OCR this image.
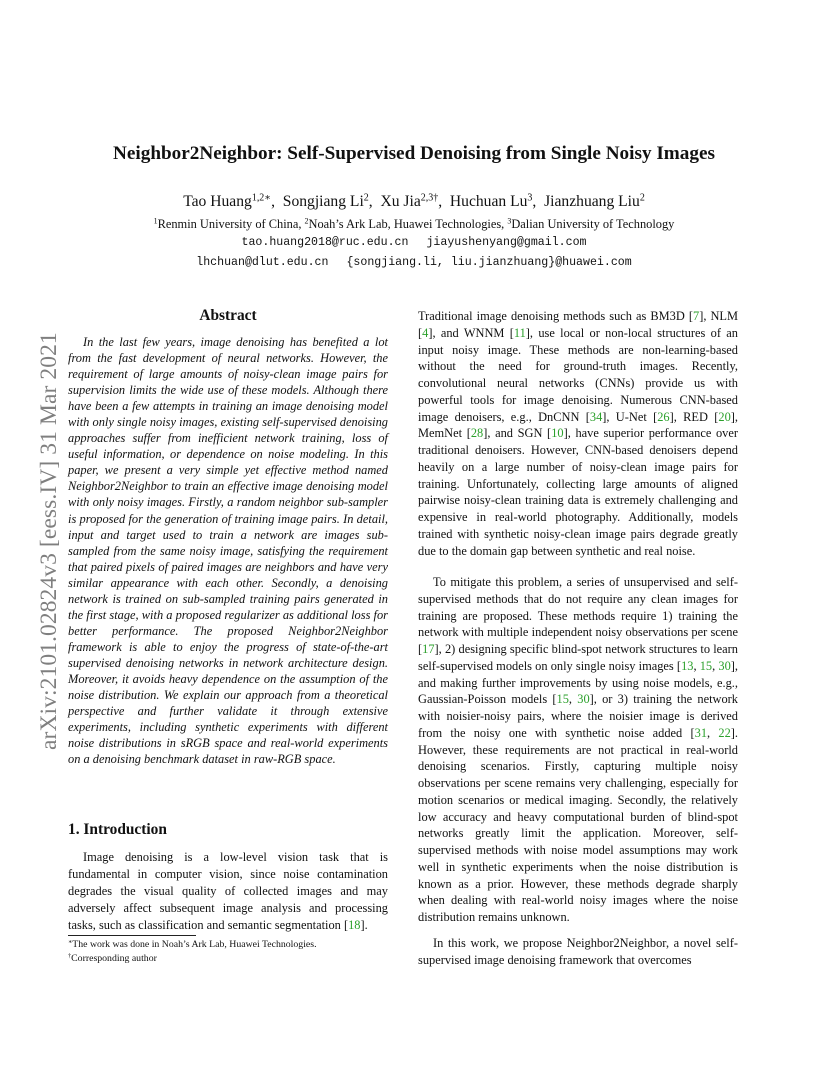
arXiv:2101.02824v3 [eess.IV] 31 Mar 2021
Neighbor2Neighbor: Self-Supervised Denoising from Single Noisy Images
Tao Huang$^{1,2∗}$,  Songjiang Li$^2$,  Xu Jia$^{2,3\dagger}$,  Huchuan Lu$^3$,  Jianzhuang Liu$^2$
$^1$Renmin University of China, $^2$Noah’s Ark Lab, Huawei Technologies, $^3$Dalian University of Technology
tao.huang2018@ruc.edu.cn jiayushenyang@gmail.com
lhchuan@dlut.edu.cn {songjiang.li, liu.jianzhuang}@huawei.com
Abstract

In the last few years, image denoising has benefited a lot from the fast development of neural networks. However, the requirement of large amounts of noisy-clean image pairs for supervision limits the wide use of these models. Although there have been a few attempts in training an image denoising model with only single noisy images, existing self-supervised denoising approaches suffer from inefficient network training, loss of useful information, or dependence on noise modeling. In this paper, we present a very simple yet effective method named Neighbor2Neighbor to train an effective image denoising model with only noisy images. Firstly, a random neighbor sub-sampler is proposed for the generation of training image pairs. In detail, input and target used to train a network are images sub-sampled from the same noisy image, satisfying the requirement that paired pixels of paired images are neighbors and have very similar appearance with each other. Secondly, a denoising network is trained on sub-sampled training pairs generated in the first stage, with a proposed regularizer as additional loss for better performance. The proposed Neighbor2Neighbor framework is able to enjoy the progress of state-of-the-art supervised denoising networks in network architecture design. Moreover, it avoids heavy dependence on the assumption of the noise distribution. We explain our approach from a theoretical perspective and further validate it through extensive experiments, including synthetic experiments with different noise distributions in sRGB space and real-world experiments on a denoising benchmark dataset in raw-RGB space.

1. Introduction

Image denoising is a low-level vision task that is fundamental in computer vision, since noise contamination degrades the visual quality of collected images and may adversely affect subsequent image analysis and processing tasks, such as classification and semantic segmentation [18].

∗The work was done in Noah’s Ark Lab, Huawei Technologies.
†Corresponding author

Traditional image denoising methods such as BM3D [7], NLM [4], and WNNM [11], use local or non-local structures of an input noisy image. These methods are non-learning-based without the need for ground-truth images. Recently, convolutional neural networks (CNNs) provide us with powerful tools for image denoising. Numerous CNN-based image denoisers, e.g., DnCNN [34], U-Net [26], RED [20], MemNet [28], and SGN [10], have superior performance over traditional denoisers. However, CNN-based denoisers depend heavily on a large number of noisy-clean image pairs for training. Unfortunately, collecting large amounts of aligned pairwise noisy-clean training data is extremely challenging and expensive in real-world photography. Additionally, models trained with synthetic noisy-clean image pairs degrade greatly due to the domain gap between synthetic and real noise.

To mitigate this problem, a series of unsupervised and self-supervised methods that do not require any clean images for training are proposed. These methods require 1) training the network with multiple independent noisy observations per scene [17], 2) designing specific blind-spot network structures to learn self-supervised models on only single noisy images [13, 15, 30], and making further improvements by using noise models, e.g., Gaussian-Poisson models [15, 30], or 3) training the network with noisier-noisy pairs, where the noisier image is derived from the noisy one with synthetic noise added [31, 22]. However, these requirements are not practical in real-world denoising scenarios. Firstly, capturing multiple noisy observations per scene remains very challenging, especially for motion scenarios or medical imaging. Secondly, the relatively low accuracy and heavy computational burden of blind-spot networks greatly limit the application. Moreover, self-supervised methods with noise model assumptions may work well in synthetic experiments when the noise distribution is known as a prior. However, these methods degrade sharply when dealing with real-world noisy images where the noise distribution remains unknown.

In this work, we propose Neighbor2Neighbor, a novel self-supervised image denoising framework that overcomes
